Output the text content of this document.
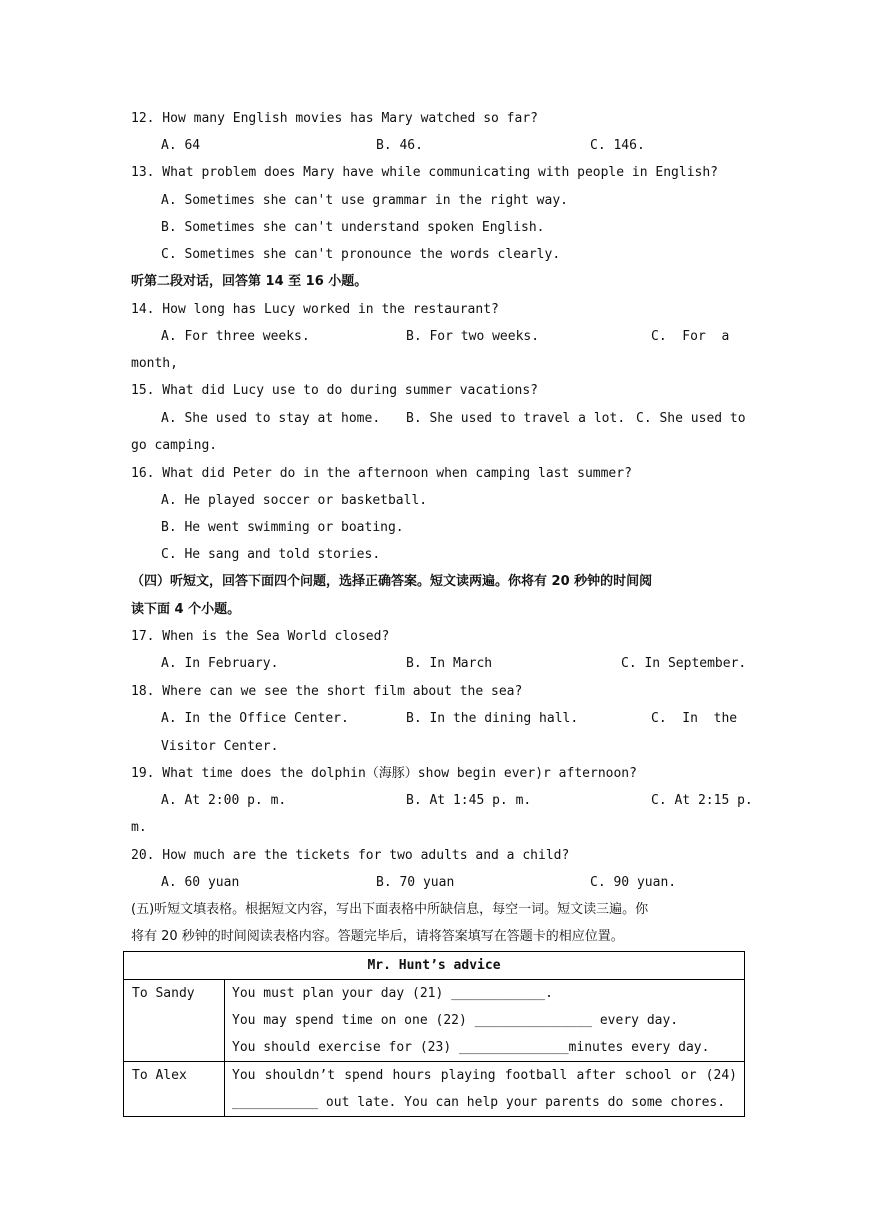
12. How many English movies has Mary watched so far?
A. 64	B. 46.	C. 146.
13. What problem does Mary have while communicating with people in English?
A. Sometimes she can't use grammar in the right way.
B. Sometimes she can't understand spoken English.
C. Sometimes she can't pronounce the words clearly.
听第二段对话，回答第 14 至 16 小题。
14. How long has Lucy worked in the restaurant?
A. For three weeks.	B. For two weeks.	C.  For  a
month,
15. What did Lucy use to do during summer vacations?
A. She used to stay at home. B. She used to travel a lot. C. She used to
go camping.
16. What did Peter do in the afternoon when camping last summer?
A. He played soccer or basketball.
B. He went swimming or boating.
C. He sang and told stories.
（四）听短文，回答下面四个问题，选择正确答案。短文读两遍。你将有 20 秒钟的时间阅
读下面 4 个小题。
17. When is the Sea World closed?
A. In February.	B. In March	C. In September.
18. Where can we see the short film about the sea?
A. In the Office Center.	B. In the dining hall.	C.  In  the
Visitor Center.
19. What time does the dolphin（海豚）show begin ever)r afternoon?
A. At 2:00 p. m.	B. At 1:45 p. m.	C. At 2:15 p.
m.
20. How much are the tickets for two adults and a child?
A. 60 yuan	B. 70 yuan	C. 90 yuan.
(五)听短文填表格。根据短文内容，写出下面表格中所缺信息，每空一词。短文读三遍。你
将有 20 秒钟的时间阅读表格内容。答题完毕后，请将答案填写在答题卡的相应位置。
Mr. Hunt’s advice	
To Sandy	You must plan your day (21) ____________.
You may spend time on one (22) _______________ every day.
You should exercise for (23) ______________minutes every day.

To Alex	You shouldn’t spend hours playing football after school or (24) ___________ out late. You can help your parents do some chores.
